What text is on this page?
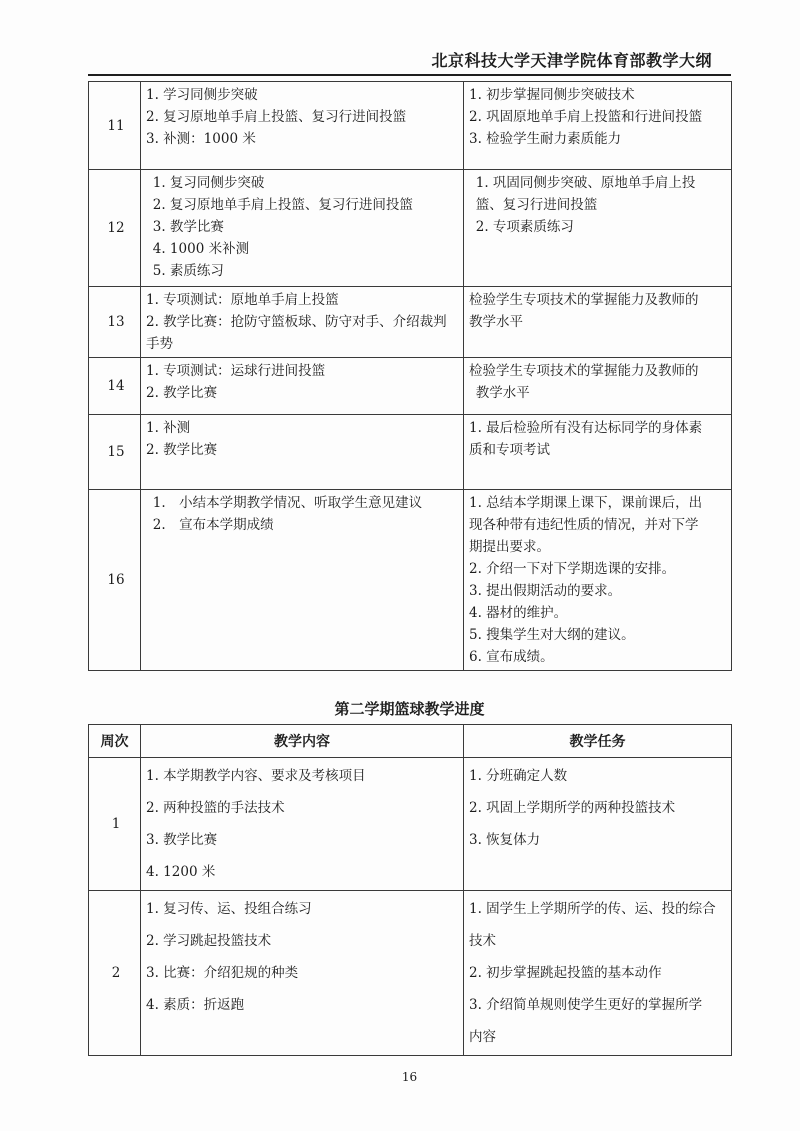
北京科技大学天津学院体育部教学大纲
11	
1. 学习同侧步突破
2. 复习原地单手肩上投篮、复习行进间投篮
3. 补测：1000 米

1. 初步掌握同侧步突破技术
2. 巩固原地单手肩上投篮和行进间投篮
3. 检验学生耐力素质能力

12	
 1. 复习同侧步突破
 2. 复习原地单手肩上投篮、复习行进间投篮
 3. 教学比赛
 4. 1000 米补测
 5. 素质练习

 1. 巩固同侧步突破、原地单手肩上投
 篮、复习行进间投篮
 2. 专项素质练习

13	
1. 专项测试：原地单手肩上投篮
2. 教学比赛：抢防守篮板球、防守对手、介绍裁判
手势

检验学生专项技术的掌握能力及教师的
教学水平

14	
1. 专项测试：运球行进间投篮
2. 教学比赛

检验学生专项技术的掌握能力及教师的
 教学水平

15	
1. 补测
2. 教学比赛

1. 最后检验所有没有达标同学的身体素
质和专项考试

16	
 1.　小结本学期教学情况、听取学生意见建议
 2.　宣布本学期成绩

1. 总结本学期课上课下，课前课后，出
现各种带有违纪性质的情况，并对下学
期提出要求。
2. 介绍一下对下学期选课的安排。
3. 提出假期活动的要求。
4. 器材的维护。
5. 搜集学生对大纲的建议。
6. 宣布成绩。
第二学期篮球教学进度
周次	教学内容	教学任务
1	
1. 本学期教学内容、要求及考核项目
2. 两种投篮的手法技术
3. 教学比赛
4. 1200 米

1. 分班确定人数
2. 巩固上学期所学的两种投篮技术
3. 恢复体力

2	
1. 复习传、运、投组合练习
2. 学习跳起投篮技术
3. 比赛：介绍犯规的种类
4. 素质：折返跑

1. 固学生上学期所学的传、运、投的综合
技术
2. 初步掌握跳起投篮的基本动作
3. 介绍简单规则使学生更好的掌握所学
内容
16
